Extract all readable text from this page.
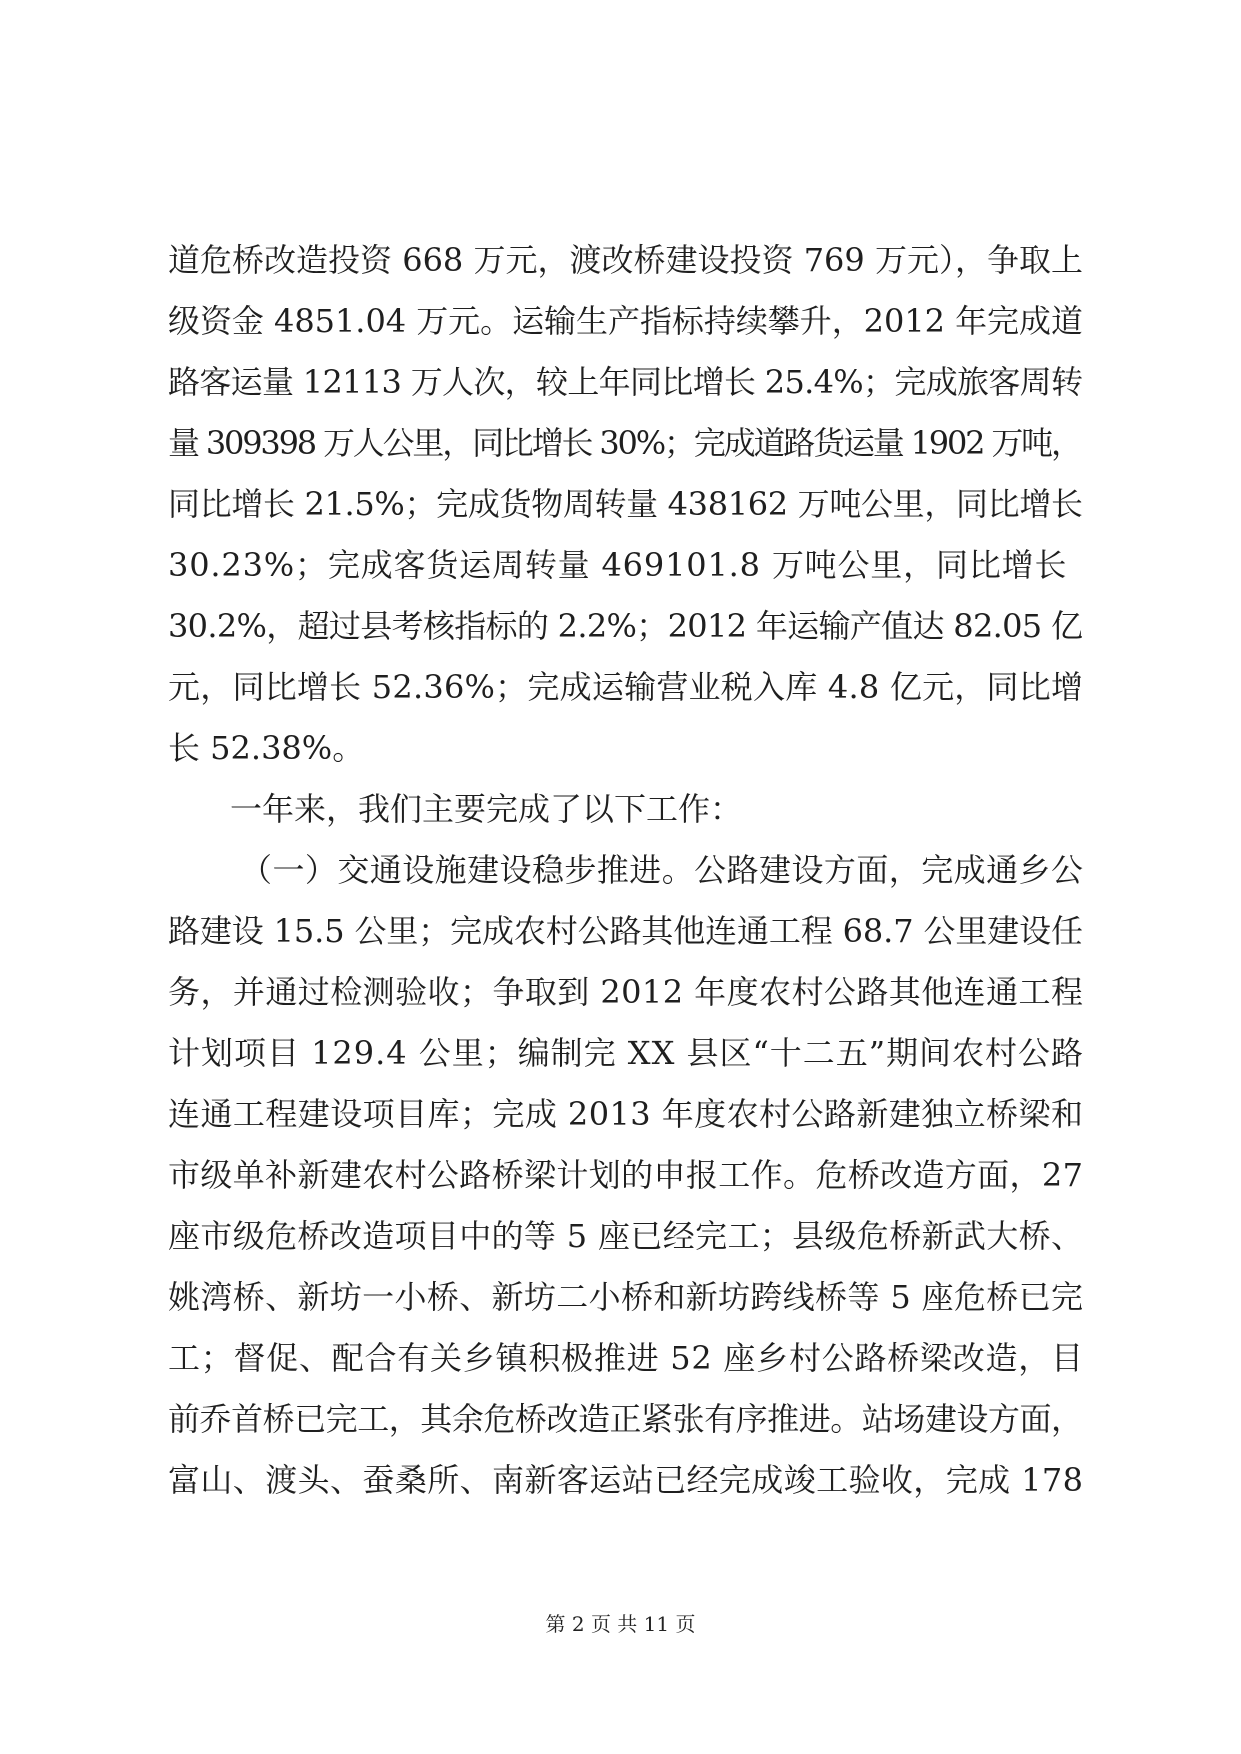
道危桥改造投资 668 万元，渡改桥建设投资 769 万元），争取上
级资金 4851.04 万元。运输生产指标持续攀升，2012 年完成道
路客运量 12113 万人次，较上年同比增长 25.4%；完成旅客周转
量 309398 万人公里，同比增长 30%；完成道路货运量 1902 万吨，
同比增长 21.5%；完成货物周转量 438162 万吨公里，同比增长
30.23%；完成客货运周转量 469101.8 万吨公里，同比增长
30.2%，超过县考核指标的 2.2%；2012 年运输产值达 82.05 亿
元，同比增长 52.36%；完成运输营业税入库 4.8 亿元，同比增
长 52.38%。
一年来，我们主要完成了以下工作：
（一）交通设施建设稳步推进。公路建设方面，完成通乡公
路建设 15.5 公里；完成农村公路其他连通工程 68.7 公里建设任
务，并通过检测验收；争取到 2012 年度农村公路其他连通工程
计划项目 129.4 公里；编制完 XX 县区“十二五”期间农村公路
连通工程建设项目库；完成 2013 年度农村公路新建独立桥梁和
市级单补新建农村公路桥梁计划的申报工作。危桥改造方面，27
座市级危桥改造项目中的等 5 座已经完工；县级危桥新武大桥、
姚湾桥、新坊一小桥、新坊二小桥和新坊跨线桥等 5 座危桥已完
工；督促、配合有关乡镇积极推进 52 座乡村公路桥梁改造，目
前乔首桥已完工，其余危桥改造正紧张有序推进。站场建设方面，
富山、渡头、蚕桑所、南新客运站已经完成竣工验收，完成 178
第 2 页 共 11 页
